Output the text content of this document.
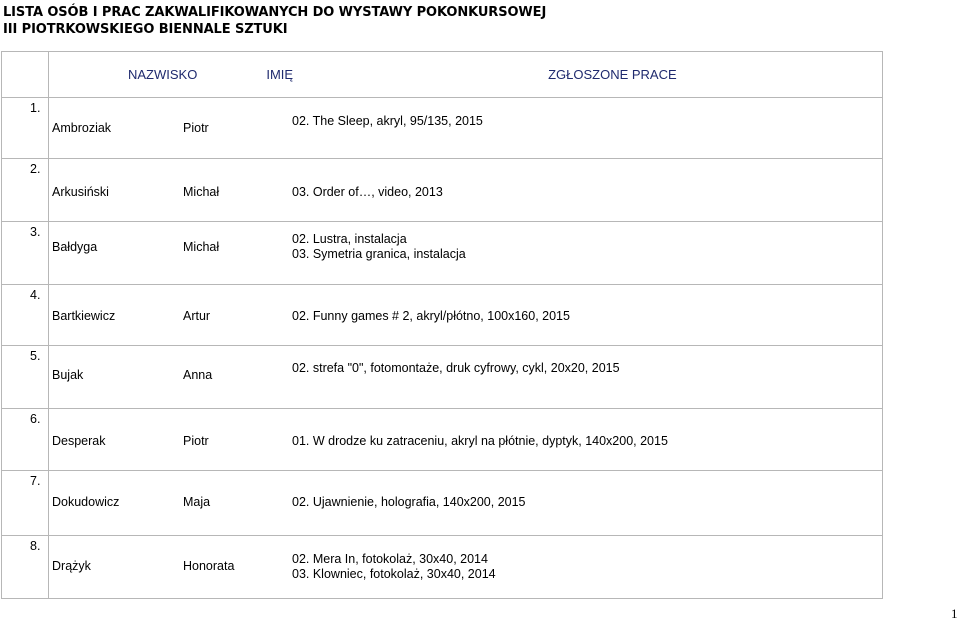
LISTA OSÓB I PRAC ZAKWALIFIKOWANYCH DO WYSTAWY POKONKURSOWEJ
III PIOTRKOWSKIEGO BIENNALE SZTUKI
	NAZWISKO IMIĘ ZGŁOSZONE PRACE

	1.
Ambroziak Piotr 02. The Sleep, akryl, 95/135, 2015

	2.
Arkusiński Michał 03. Order of…, video, 2013

	3.
Bałdyga Michał
02. Lustra, instalacja
03. Symetria granica, instalacja

	4.
Bartkiewicz Artur 02. Funny games # 2, akryl/płótno, 100x160, 2015

	5.
Bujak Anna 02. strefa "0", fotomontaże, druk cyfrowy, cykl, 20x20, 2015

	6.
Desperak Piotr 01. W drodze ku zatraceniu, akryl na płótnie, dyptyk, 140x200, 2015

	7.
Dokudowicz Maja 02. Ujawnienie, holografia, 140x200, 2015

	8.
Drążyk Honorata 02. Mera In, fotokolaż, 30x40, 2014
03. Klowniec, fotokolaż, 30x40, 2014
1
